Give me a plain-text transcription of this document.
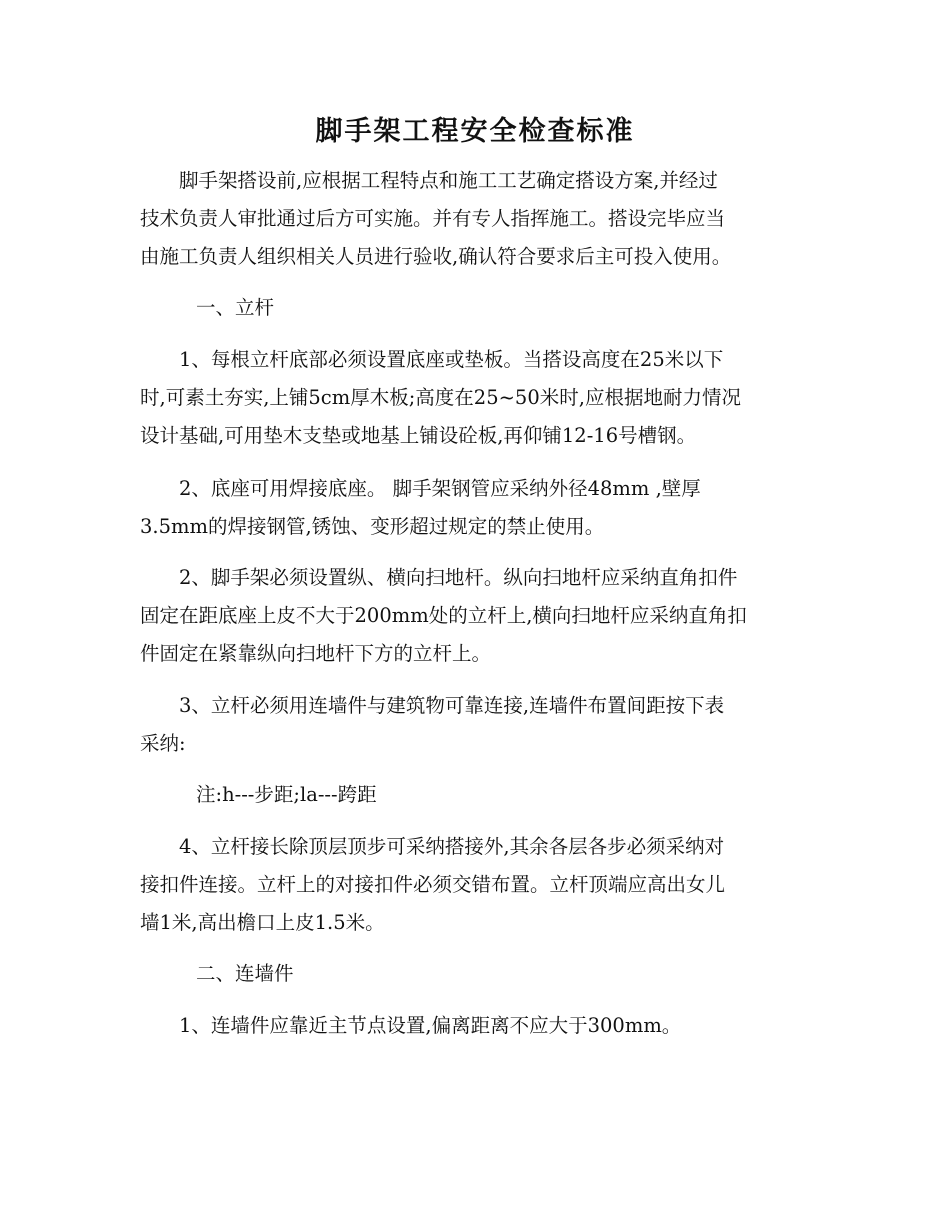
脚手架工程安全检查标准

　　脚手架搭设前,应根据工程特点和施工工艺确定搭设方案,并经过
技术负责人审批通过后方可实施。并有专人指挥施工。搭设完毕应当
由施工负责人组织相关人员进行验收,确认符合要求后主可投入使用。

一、立杆

　　1、每根立杆底部必须设置底座或垫板。当搭设高度在25米以下
时,可素土夯实,上铺5cm厚木板;高度在25~50米时,应根据地耐力情况
设计基础,可用垫木支垫或地基上铺设砼板,再仰铺12-16号槽钢。

　　2、底座可用焊接底座。 脚手架钢管应采纳外径48mm ,壁厚
3.5mm的焊接钢管,锈蚀、变形超过规定的禁止使用。

　　2、脚手架必须设置纵、横向扫地杆。纵向扫地杆应采纳直角扣件
固定在距底座上皮不大于200mm处的立杆上,横向扫地杆应采纳直角扣
件固定在紧靠纵向扫地杆下方的立杆上。

　　3、立杆必须用连墙件与建筑物可靠连接,连墙件布置间距按下表
采纳:

注:h---步距;la---跨距

　　4、立杆接长除顶层顶步可采纳搭接外,其余各层各步必须采纳对
接扣件连接。立杆上的对接扣件必须交错布置。立杆顶端应高出女儿
墙1米,高出檐口上皮1.5米。

二、连墙件

　　1、连墙件应靠近主节点设置,偏离距离不应大于300mm。
